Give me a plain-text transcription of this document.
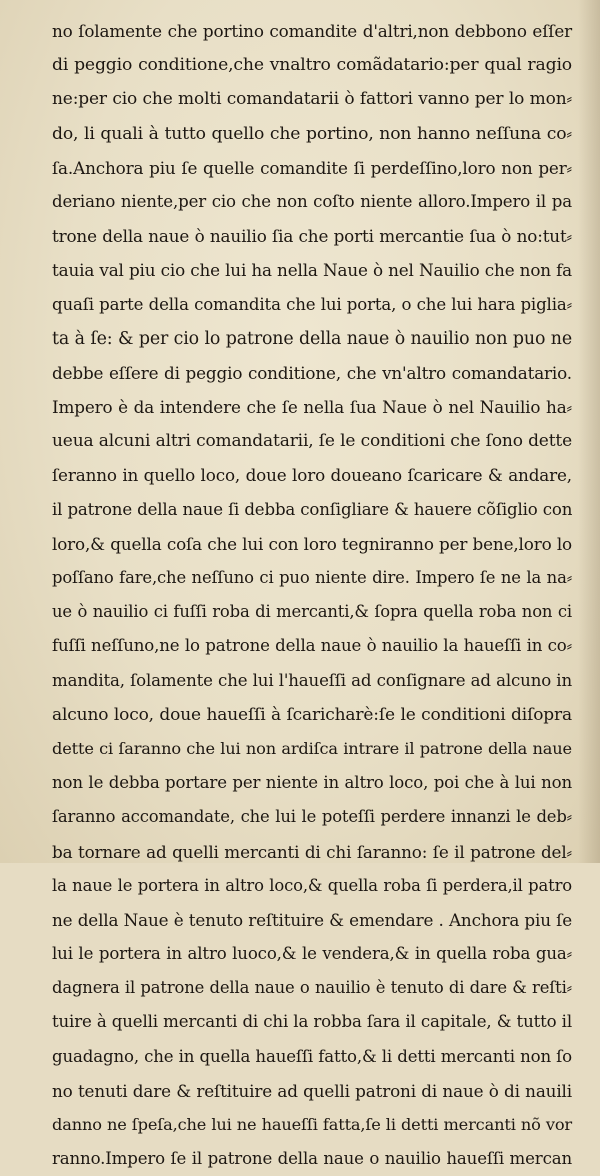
no ſolamente che portino comandite d'altri,non debbono eſſer
di peggio conditione,che vnaltro comãdatario:per qual ragio
ne:per cio che molti comandatarii ò fattori vanno per lo mon⸗
do, li quali à tutto quello che portino, non hanno neſſuna co⸗
ſa.Anchora piu ſe quelle comandite ſi perdeſſino,loro non per⸗
deriano niente,per cio che non coſto niente alloro.Impero il pa
trone della naue ò nauilio ſia che porti mercantie ſua ò no:tut⸗
tauia val piu cio che lui ha nella Naue ò nel Nauilio che non fa
quaſi parte della comandita che lui porta, o che lui hara piglia⸗
ta à ſe: & per cio lo patrone della naue ò nauilio non puo ne
debbe eſſere di peggio conditione, che vn'altro comandatario.
Impero è da intendere che ſe nella ſua Naue ò nel Nauilio ha⸗
ueua alcuni altri comandatarii, ſe le conditioni che ſono dette
ſeranno in quello loco, doue loro doueano ſcaricare & andare,
il patrone della naue ſi debba conſigliare & hauere cõſiglio con
loro,& quella coſa che lui con loro tegniranno per bene,loro lo
poſſano fare,che neſſuno ci puo niente dire. Impero ſe ne la na⸗
ue ò nauilio ci fuſſi roba di mercanti,& ſopra quella roba non ci
fuſſi neſſuno,ne lo patrone della naue ò nauilio la haueſſi in co⸗
mandita, ſolamente che lui l'haueſſi ad conſignare ad alcuno in
alcuno loco, doue haueſſi à ſcaricharè:ſe le conditioni diſopra
dette ci ſaranno che lui non ardiſca intrare il patrone della naue
non le debba portare per niente in altro loco, poi che à lui non
ſaranno accomandate, che lui le poteſſi perdere innanzi le deb⸗
ba tornare ad quelli mercanti di chi ſaranno: ſe il patrone del⸗
la naue le portera in altro loco,& quella roba ſi perdera,il patro
ne della Naue è tenuto reſtituire & emendare . Anchora piu ſe
lui le portera in altro luoco,& le vendera,& in quella roba gua⸗
dagnera il patrone della naue o nauilio è tenuto di dare & reſti⸗
tuire à quelli mercanti di chi la robba ſara il capitale, & tutto il
guadagno, che in quella haueſſi fatto,& li detti mercanti non ſo
no tenuti dare & reſtituire ad quelli patroni di naue ò di nauili
danno ne ſpeſa,che lui ne haueſſi fatta,ſe li detti mercanti nõ vor
ranno.Impero ſe il patrone della naue o nauilio haueſſi mercan
